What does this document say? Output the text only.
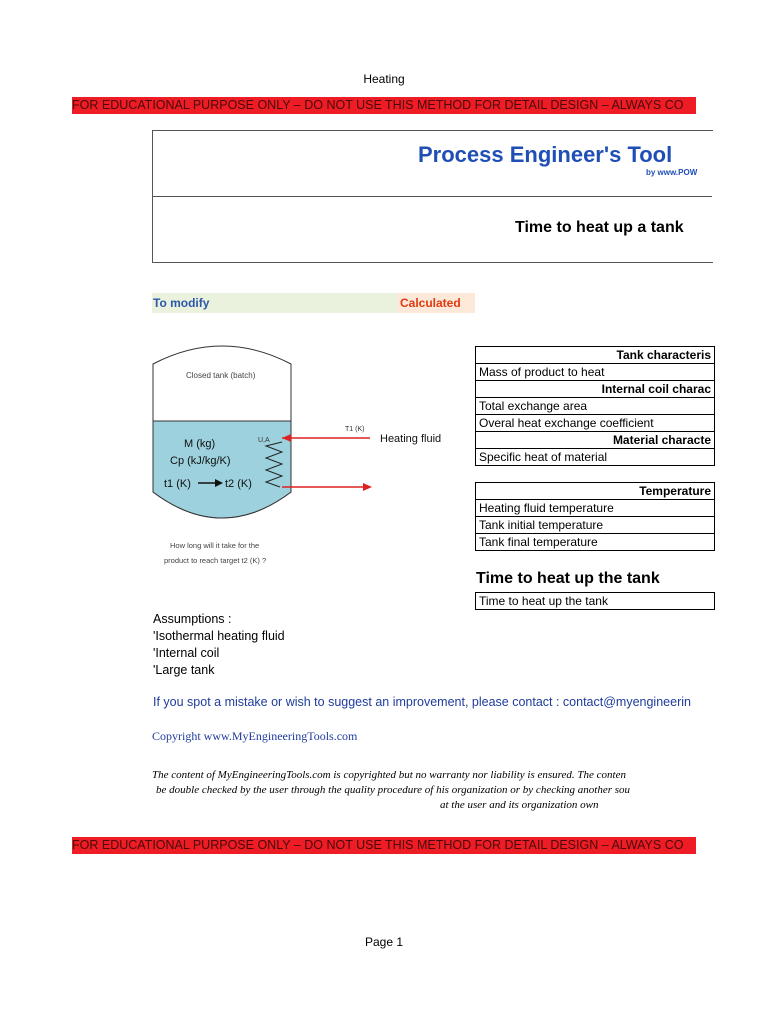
Heating
FOR EDUCATIONAL PURPOSE ONLY – DO NOT USE THIS METHOD FOR DETAIL DESIGN – ALWAYS CO
Process Engineer's Tool
by www.POW
Time to heat up a tank
To modify	Calculated
Closed tank (batch)
M (kg)
Cp (kJ/kg/K)
t1 (K)	t2 (K)
U,A
T1 (K)
Heating fluid
How long will it take for the
product to reach target t2 (K) ?
Tank characteris
Mass of product to heat
Internal coil charac
Total exchange area
Overal heat exchange coefficient
Material characte
Specific heat of material
Temperature
Heating fluid temperature
Tank initial temperature
Tank final temperature
Time to heat up the tank
Time to heat up the tank
Assumptions :
'Isothermal heating fluid
'Internal coil
'Large tank
If you spot a mistake or wish to suggest an improvement, please contact : contact@myengineerin
Copyright www.MyEngineeringTools.com
The content of MyEngineeringTools.com is copyrighted but no warranty nor liability is ensured. The conten
be double checked by the user through the quality procedure of his organization or by checking another sou
at the user and its organization own
FOR EDUCATIONAL PURPOSE ONLY – DO NOT USE THIS METHOD FOR DETAIL DESIGN – ALWAYS CO
Page 1
